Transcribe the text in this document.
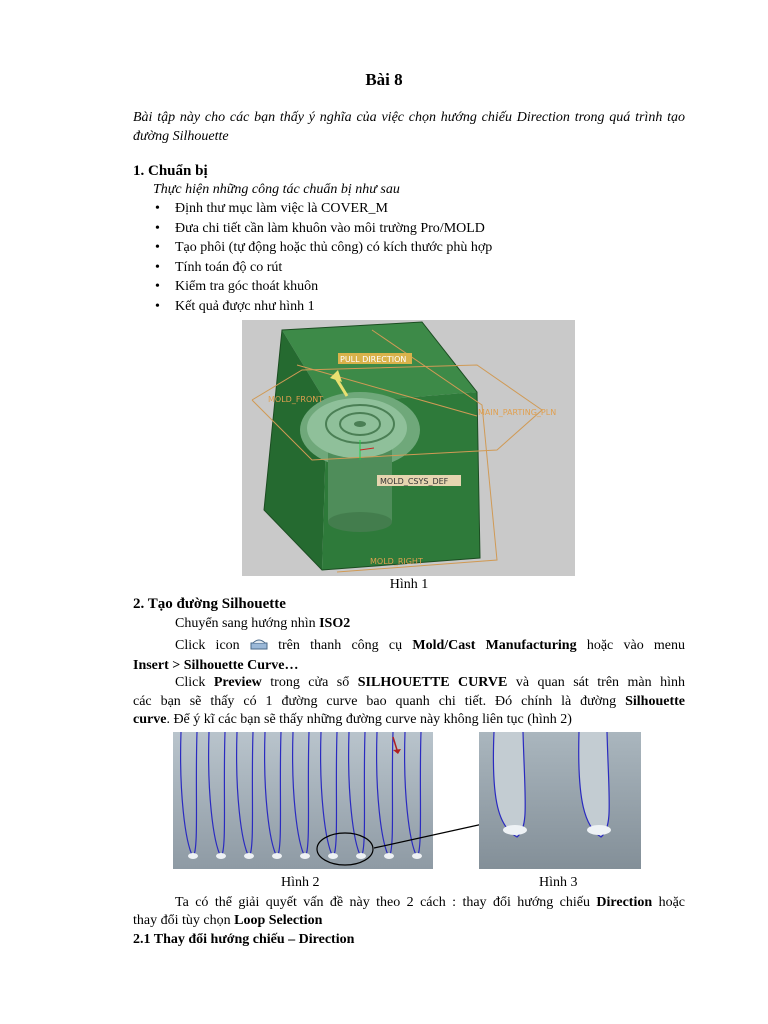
Bài 8
Bài tập này cho các bạn thấy ý nghĩa của việc chọn hướng chiếu Direction trong quá trình tạo đường Silhouette
1. Chuẩn bị
Thực hiện những công tác chuẩn bị như sau
• Định thư mục làm việc là COVER_M
• Đưa chi tiết cần làm khuôn vào môi trường Pro/MOLD
• Tạo phôi (tự động hoặc thủ công) có kích thước phù hợp
• Tính toán độ co rút
• Kiểm tra góc thoát khuôn
• Kết quả được như hình 1
PULL DIRECTION
MOLD_FRONT
MAIN_PARTING_PLN
MOLD_CSYS_DEF
MOLD_RIGHT
Hình 1
2. Tạo đường Silhouette
Chuyển sang hướng nhìn ISO2
Click icon  trên thanh công cụ Mold/Cast Manufacturing hoặc vào menu
Insert > Silhouette Curve…
Click Preview trong cửa sổ SILHOUETTE CURVE và quan sát trên màn hình
các bạn sẽ thấy có 1 đường curve bao quanh chi tiết. Đó chính là đường Silhouette
curve. Để ý kĩ các bạn sẽ thấy những đường curve này không liên tục (hình 2)
Hình 2	Hình 3
Ta có thể giải quyết vấn đề này theo 2 cách : thay đổi hướng chiếu Direction hoặc
thay đổi tùy chọn Loop Selection
2.1 Thay đổi hướng chiếu – Direction
